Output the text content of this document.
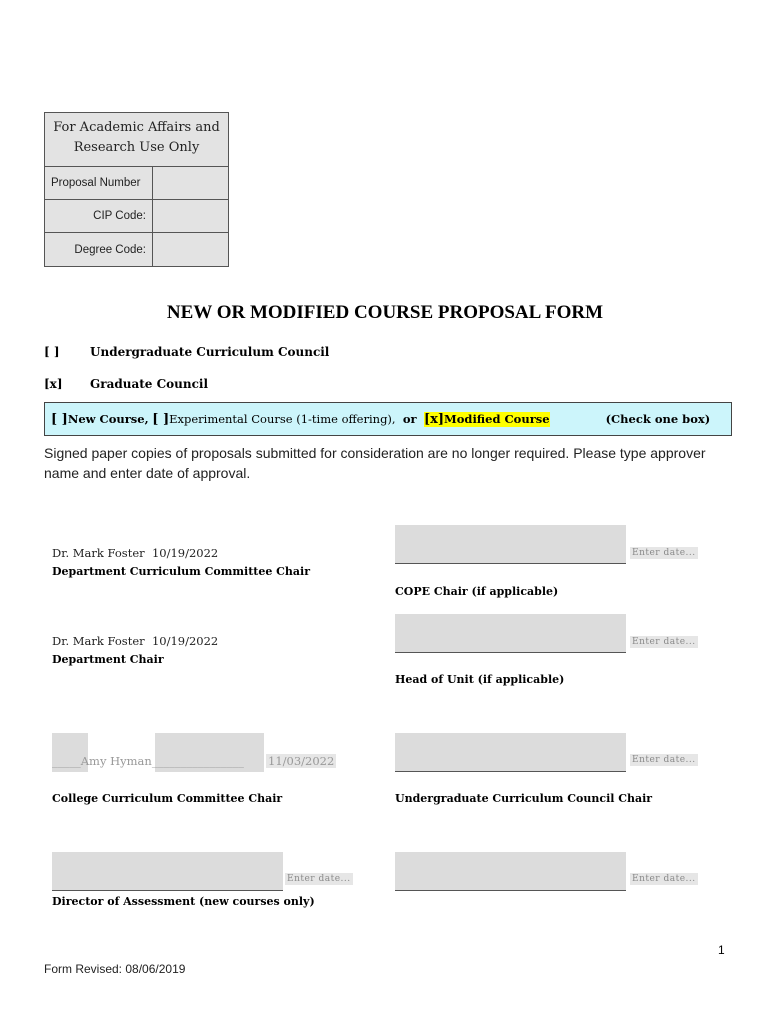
For Academic Affairs and Research Use Only
Proposal Number
CIP Code:
Degree Code:
NEW OR MODIFIED COURSE PROPOSAL FORM
[ ]	Undergraduate Curriculum Council
[x] Graduate Council
[ ] New Course,
[ ] Experimental Course (1-time offering),
or
[x]Modified Course	(Check one box)
Signed paper copies of proposals submitted for consideration are no longer required. Please type approver name and enter date of approval.
Dr. Mark Foster 10/19/2022
Department Curriculum Committee Chair
Enter date...
COPE Chair (if applicable)
Dr. Mark Foster 10/19/2022
Department Chair
Enter date...
Head of Unit (if applicable)
_____Amy Hyman________________ 11/03/2022
College Curriculum Committee Chair
Enter date...
Undergraduate Curriculum Council Chair
Enter date...
Director of Assessment (new courses only)
Enter date...
1
Form Revised: 08/06/2019
